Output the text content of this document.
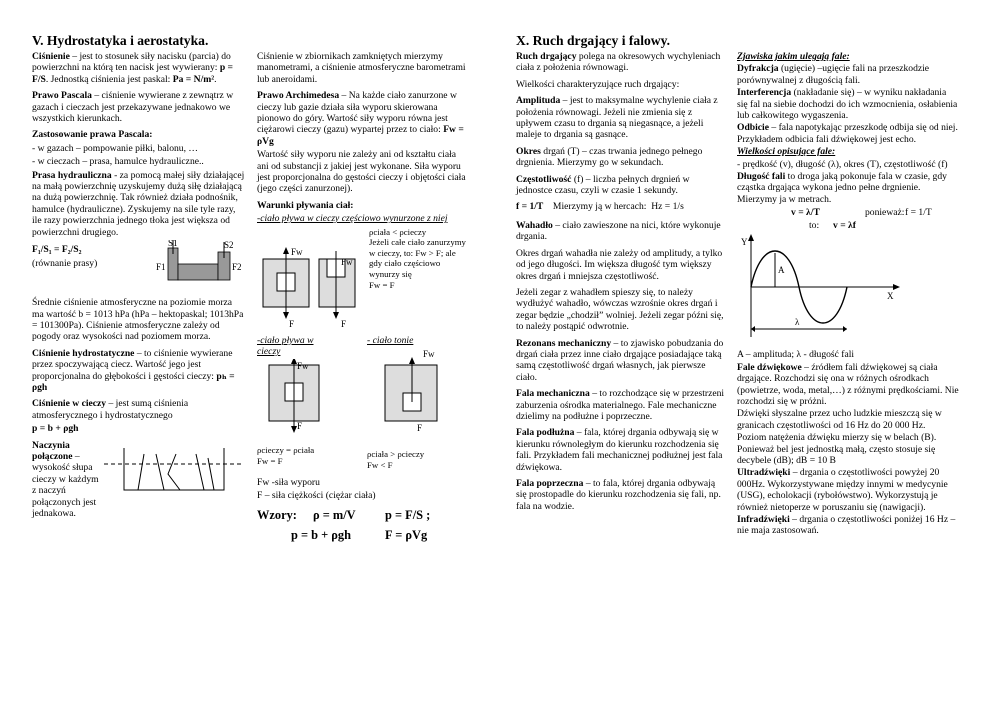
V. Hydrostatyka i aerostatyka.	X. Ruch drgający i falowy.

Ciśnienie – jest to stosunek siły nacisku (parcia) do powierzchni na którą ten nacisk jest wywierany: p = F/S. Jednostką ciśnienia jest paskal: Pa = N/m².

Prawo Pascala – ciśnienie wywierane z zewnątrz w gazach i cieczach jest przekazywane jednakowo we wszystkich kierunkach.

Zastosowanie prawa Pascala:

- w gazach – pompowanie piłki, balonu, …

- w cieczach – prasa, hamulce hydrauliczne..

Prasa hydrauliczna - za pomocą małej siły działającej na małą powierzchnię uzyskujemy dużą siłę działającą na dużą powierzchnię. Tak również działa podnośnik, hamulce (hydrauliczne). Zyskujemy na sile tyle razy, ile razy powierzchnia jednego tłoka jest większa od powierzchni drugiego.

F₁/S₁ = F₂/S₂
(równanie prasy)
S1	S2
F1	F2

Średnie ciśnienie atmosferyczne na poziomie morza ma wartość b = 1013 hPa (hPa – hektopaskal; 1013hPa = 101300Pa). Ciśnienie atmosferyczne zależy od pogody oraz wysokości nad poziomem morza.

Ciśnienie hydrostatyczne – to ciśnienie wywierane przez spoczywającą ciecz. Wartość jego jest proporcjonalna do głębokości i gęstości cieczy: pₕ = ρgh

Ciśnienie w cieczy – jest sumą ciśnienia atmosferycznego i hydrostatycznego

p = b + ρgh

Naczynia połączone – wysokość słupa cieczy w każdym z naczyń połączonych jest jednakowa.

Ciśnienie w zbiornikach zamkniętych mierzymy manometrami, a ciśnienie atmosferyczne barometrami lub aneroidami.

Prawo Archimedesa – Na każde ciało zanurzone w cieczy lub gazie działa siła wyporu skierowana pionowo do góry. Wartość siły wyporu równa jest ciężarowi cieczy (gazu) wypartej przez to ciało: Fw = ρVg

Wartość siły wyporu nie zależy ani od kształtu ciała ani od substancji z jakiej jest wykonane. Siła wyporu jest proporcjonalna do gęstości cieczy i objętości ciała (jego części zanurzonej).

Warunki pływania ciał:

-ciało pływa w cieczy częściowo wynurzone z niej

Fw
F
Fw
F
ρciała < ρcieczy
Jeżeli całe ciało zanurzymy w cieczy, to: Fw > F; ale gdy ciało częściowo wynurzy się
Fw = F
-ciało pływa w cieczy
- ciało tonie
Fw
F
Fw
F
ρcieczy = ρciała
Fw = F
ρciała > ρcieczy
Fw < F

Fw -siła wyporu

F – siła ciężkości (ciężar ciała)

Wzory: ρ = m/V p = F/S ;
p = b + ρgh	F = ρVg

Ruch drgający polega na okresowych wychyleniach ciała z położenia równowagi.

Wielkości charakteryzujące ruch drgający:

Amplituda – jest to maksymalne wychylenie ciała z położenia równowagi. Jeżeli nie zmienia się z upływem czasu to drgania są niegasnące, a jeżeli maleje to drgania są gasnące.

Okres drgań (T) – czas trwania jednego pełnego drgnienia. Mierzymy go w sekundach.

Częstotliwość (f) – liczba pełnych drgnień w jednostce czasu, czyli w czasie 1 sekundy.

f = 1/T Mierzymy ją w hercach: Hz = 1/s

Wahadło – ciało zawieszone na nici, które wykonuje drgania.

Okres drgań wahadła nie zależy od amplitudy, a tylko od jego długości. Im większa długość tym większy okres drgań i mniejsza częstotliwość.

Jeżeli zegar z wahadłem spieszy się, to należy wydłużyć wahadło, wówczas wzrośnie okres drgań i zegar będzie „chodził” wolniej. Jeżeli zegar późni się, to należy postąpić odwrotnie.

Rezonans mechaniczny – to zjawisko pobudzania do drgań ciała przez inne ciało drgające posiadające taką samą częstotliwość drgań własnych, jak pierwsze ciało.

Fala mechaniczna – to rozchodzące się w przestrzeni zaburzenia ośrodka materialnego. Fale mechaniczne dzielimy na podłużne i poprzeczne.

Fala podłużna – fala, której drgania odbywają się w kierunku równoległym do kierunku rozchodzenia się fali. Przykładem fali mechanicznej podłużnej jest fala dźwiękowa.

Fala poprzeczna – to fala, której drgania odbywają się prostopadle do kierunku rozchodzenia się fali, np. fala na wodzie.

Zjawiska jakim ulegają fale:

Dyfrakcja (ugięcie) –ugięcie fali na przeszkodzie porównywalnej z długością fali.

Interferencja (nakładanie się) – w wyniku nakładania się fal na siebie dochodzi do ich wzmocnienia, osłabienia lub całkowitego wygaszenia.

Odbicie – fala napotykając przeszkodę odbija się od niej. Przykładem odbicia fali dźwiękowej jest echo.

Wielkości opisujące fale:

- prędkość (v), długość (λ), okres (T), częstotliwość (f)

Długość fali to droga jaką pokonuje fala w czasie, gdy cząstka drgająca wykona jedno pełne drgnienie. Mierzymy ja w metrach.

v = λ/T	ponieważ: f = 1/T
to: v = λf
Y
X
A
λ

A – amplituda; λ - długość fali

Fale dźwiękowe – źródłem fali dźwiękowej są ciała drgające. Rozchodzi się ona w różnych ośrodkach (powietrze, woda, metal,…) z różnymi prędkościami. Nie rozchodzi się w próżni.

Dźwięki słyszalne przez ucho ludzkie mieszczą się w granicach częstotliwości od 16 Hz do 20 000 Hz.

Poziom natężenia dźwięku mierzy się w belach (B). Ponieważ bel jest jednostką małą, często stosuje się decybele (dB); dB = 10 B

Ultradźwięki – drgania o częstotliwości powyżej 20 000Hz. Wykorzystywane między innymi w medycynie (USG), echolokacji (rybołówstwo). Wykorzystują je również nietoperze w poruszaniu się (nawigacji).

Infradźwięki – drgania o częstotliwości poniżej 16 Hz – nie maja zastosowań.
